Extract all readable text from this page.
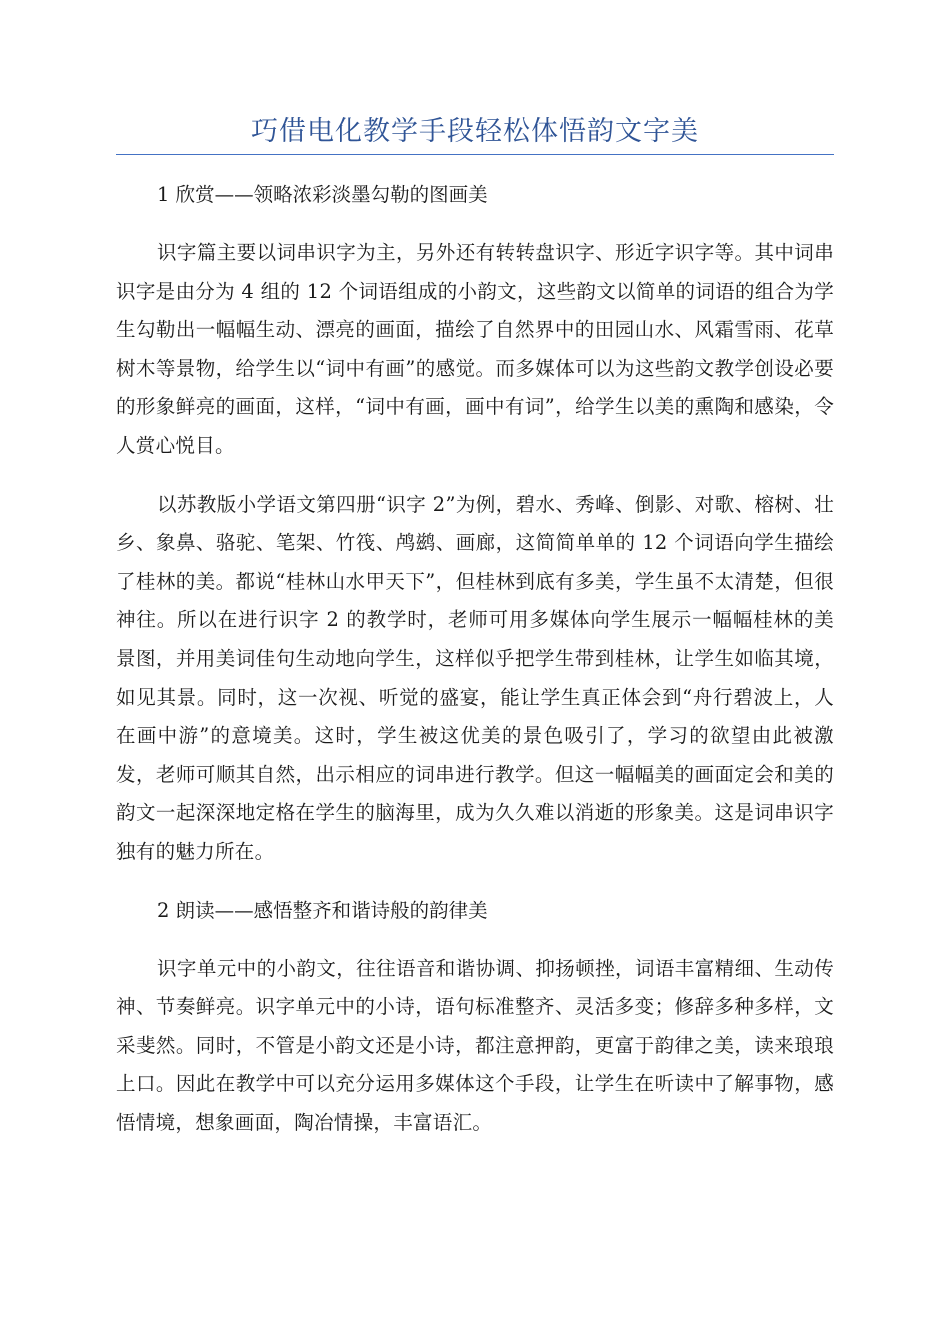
巧借电化教学手段轻松体悟韵文字美

1 欣赏——领略浓彩淡墨勾勒的图画美

识字篇主要以词串识字为主，另外还有转转盘识字、形近字识字等。其中词串识字是由分为 4 组的 12 个词语组成的小韵文，这些韵文以简单的词语的组合为学生勾勒出一幅幅生动、漂亮的画面，描绘了自然界中的田园山水、风霜雪雨、花草树木等景物，给学生以“词中有画”的感觉。而多媒体可以为这些韵文教学创设必要的形象鲜亮的画面，这样，“词中有画，画中有词”，给学生以美的熏陶和感染，令人赏心悦目。

以苏教版小学语文第四册“识字 2”为例，碧水、秀峰、倒影、对歌、榕树、壮乡、象鼻、骆驼、笔架、竹筏、鸬鹚、画廊，这简简单单的 12 个词语向学生描绘了桂林的美。都说“桂林山水甲天下”，但桂林到底有多美，学生虽不太清楚，但很神往。所以在进行识字 2 的教学时，老师可用多媒体向学生展示一幅幅桂林的美景图，并用美词佳句生动地向学生，这样似乎把学生带到桂林，让学生如临其境，如见其景。同时，这一次视、听觉的盛宴，能让学生真正体会到“舟行碧波上，人在画中游”的意境美。这时，学生被这优美的景色吸引了，学习的欲望由此被激发，老师可顺其自然，出示相应的词串进行教学。但这一幅幅美的画面定会和美的韵文一起深深地定格在学生的脑海里，成为久久难以消逝的形象美。这是词串识字独有的魅力所在。

2 朗读——感悟整齐和谐诗般的韵律美

识字单元中的小韵文，往往语音和谐协调、抑扬顿挫，词语丰富精细、生动传神、节奏鲜亮。识字单元中的小诗，语句标准整齐、灵活多变；修辞多种多样，文采斐然。同时，不管是小韵文还是小诗，都注意押韵，更富于韵律之美，读来琅琅上口。因此在教学中可以充分运用多媒体这个手段，让学生在听读中了解事物，感悟情境，想象画面，陶冶情操，丰富语汇。
